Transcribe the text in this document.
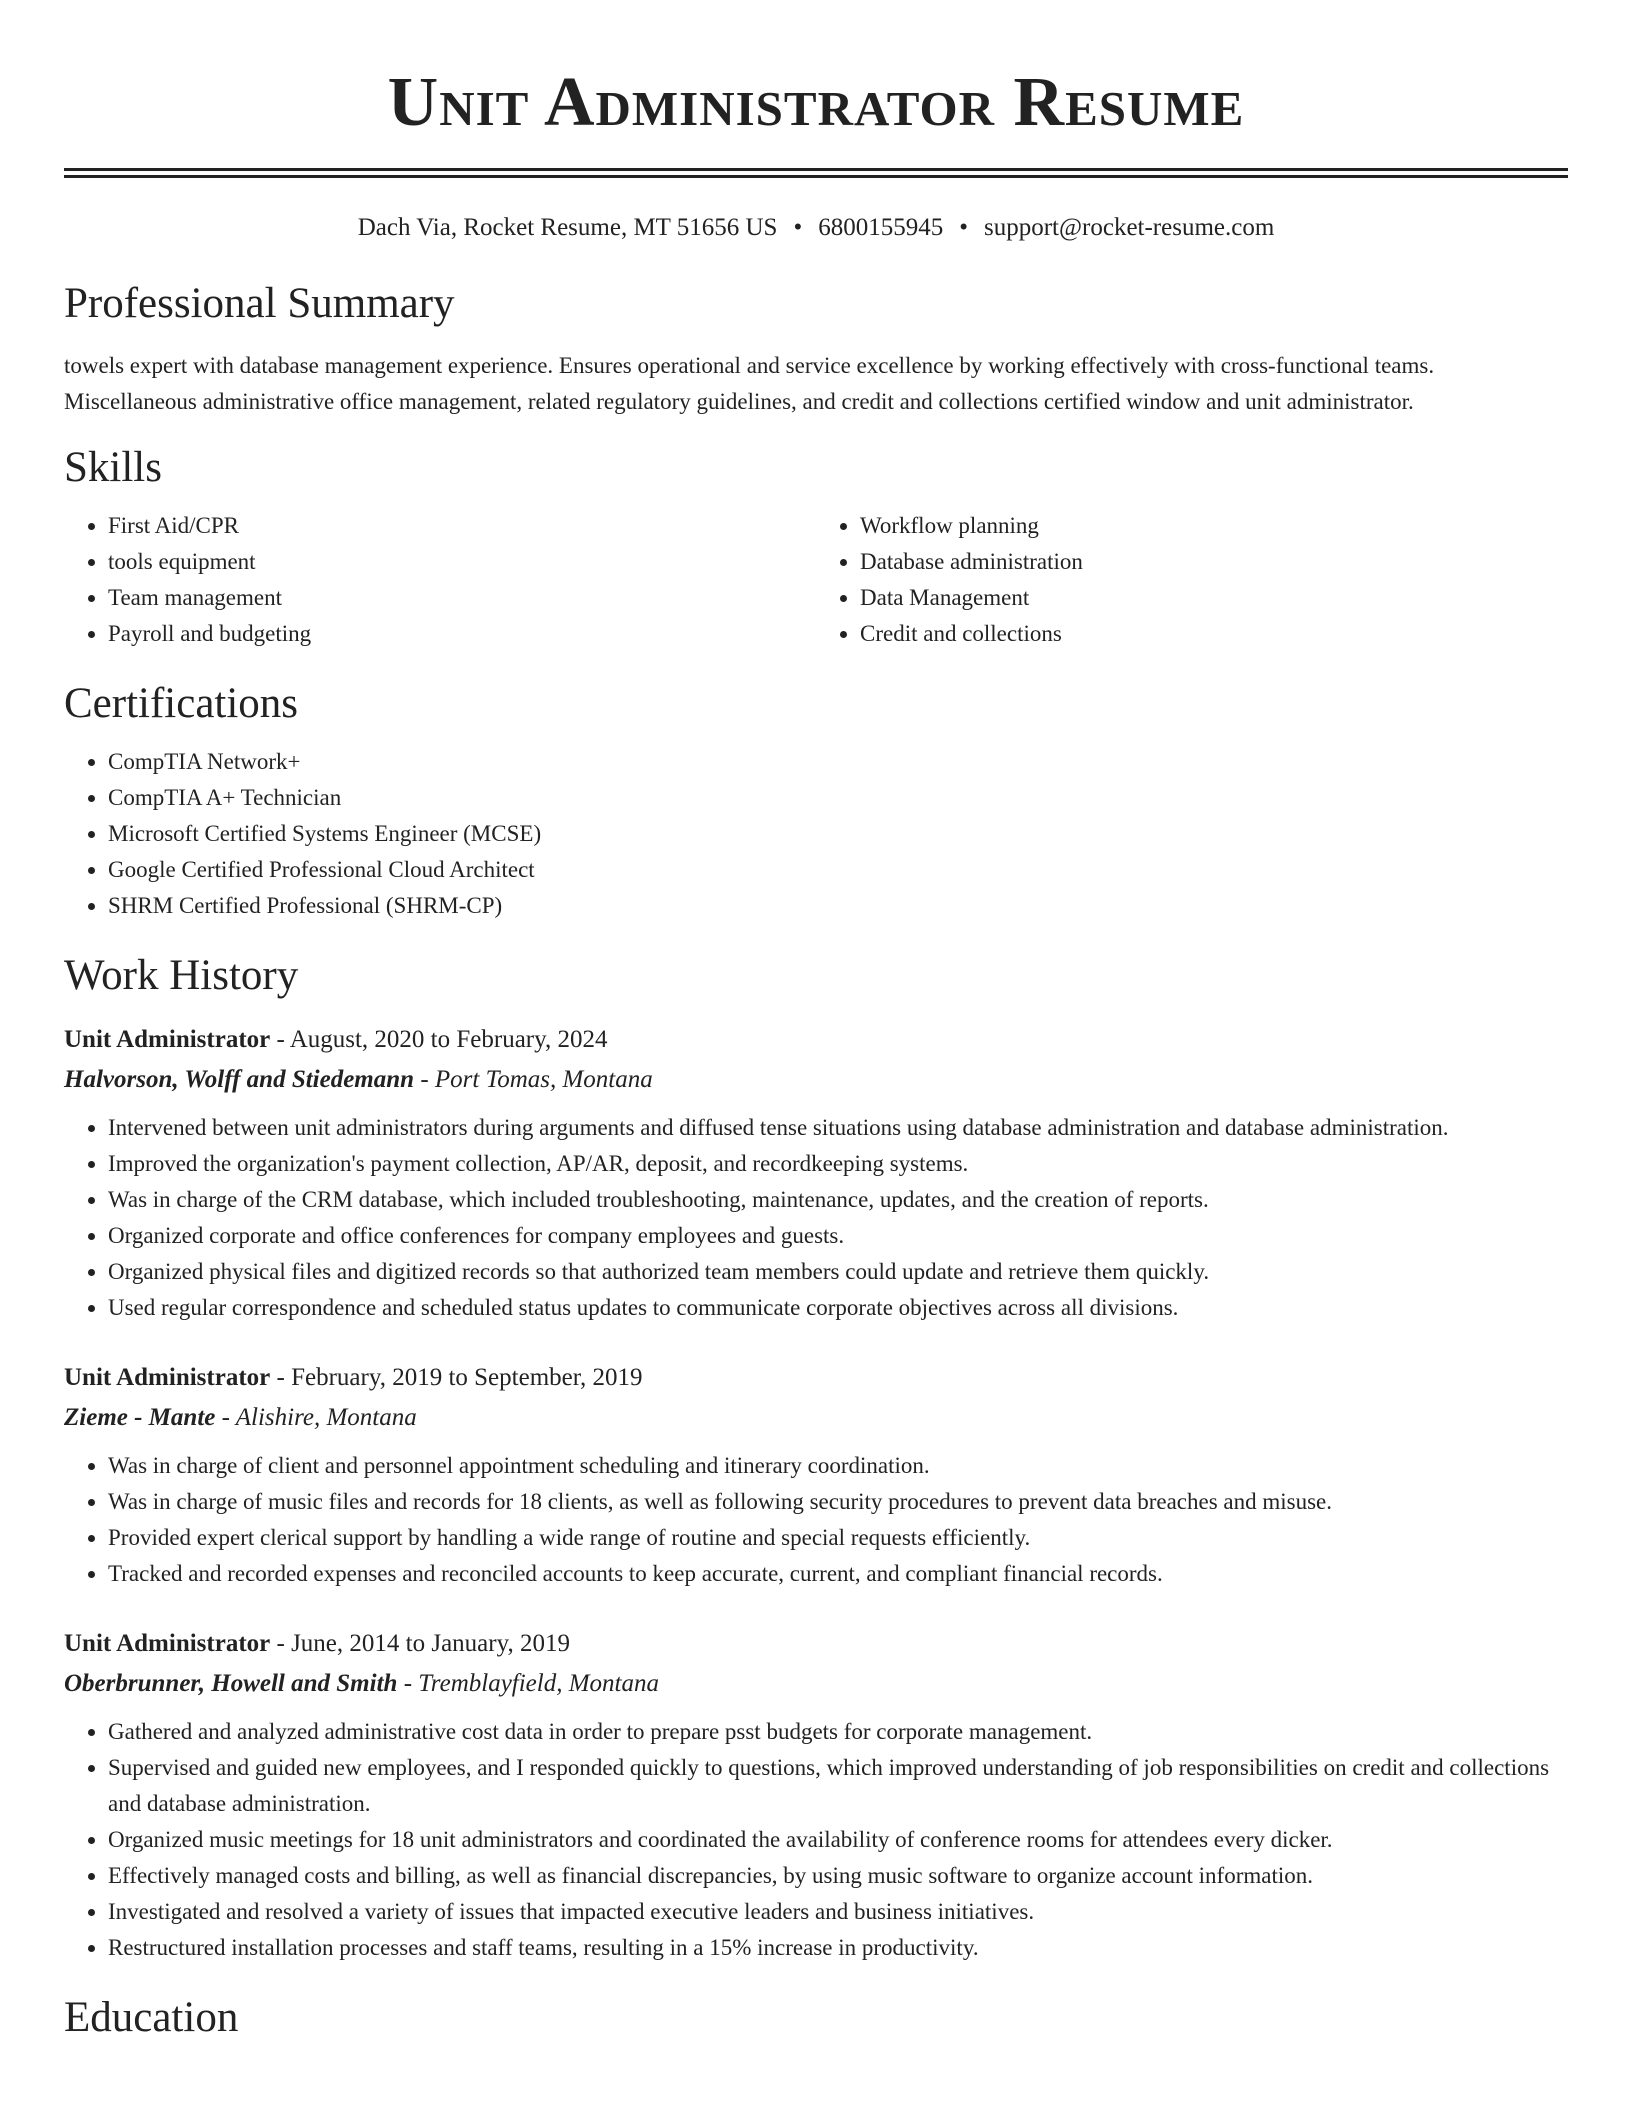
Unit Administrator Resume
Dach Via, Rocket Resume, MT 51656 US • 6800155945 • support@rocket-resume.com
Professional Summary

towels expert with database management experience. Ensures operational and service excellence by working effectively with cross-functional teams. Miscellaneous administrative office management, related regulatory guidelines, and credit and collections certified window and unit administrator.

Skills
• First Aid/CPR
• tools equipment
• Team management
• Payroll and budgeting
• Workflow planning
• Database administration
• Data Management
• Credit and collections
Certifications
• CompTIA Network+
• CompTIA A+ Technician
• Microsoft Certified Systems Engineer (MCSE)
• Google Certified Professional Cloud Architect
• SHRM Certified Professional (SHRM-CP)
Work History
Unit Administrator - August, 2020 to February, 2024
Halvorson, Wolff and Stiedemann - Port Tomas, Montana
• Intervened between unit administrators during arguments and diffused tense situations using database administration and database administration.
• Improved the organization's payment collection, AP/AR, deposit, and recordkeeping systems.
• Was in charge of the CRM database, which included troubleshooting, maintenance, updates, and the creation of reports.
• Organized corporate and office conferences for company employees and guests.
• Organized physical files and digitized records so that authorized team members could update and retrieve them quickly.
• Used regular correspondence and scheduled status updates to communicate corporate objectives across all divisions.
Unit Administrator - February, 2019 to September, 2019
Zieme - Mante - Alishire, Montana
• Was in charge of client and personnel appointment scheduling and itinerary coordination.
• Was in charge of music files and records for 18 clients, as well as following security procedures to prevent data breaches and misuse.
• Provided expert clerical support by handling a wide range of routine and special requests efficiently.
• Tracked and recorded expenses and reconciled accounts to keep accurate, current, and compliant financial records.
Unit Administrator - June, 2014 to January, 2019
Oberbrunner, Howell and Smith - Tremblayfield, Montana
• Gathered and analyzed administrative cost data in order to prepare psst budgets for corporate management.
• Supervised and guided new employees, and I responded quickly to questions, which improved understanding of job responsibilities on credit and collections and database administration.
• Organized music meetings for 18 unit administrators and coordinated the availability of conference rooms for attendees every dicker.
• Effectively managed costs and billing, as well as financial discrepancies, by using music software to organize account information.
• Investigated and resolved a variety of issues that impacted executive leaders and business initiatives.
• Restructured installation processes and staff teams, resulting in a 15% increase in productivity.
Education
